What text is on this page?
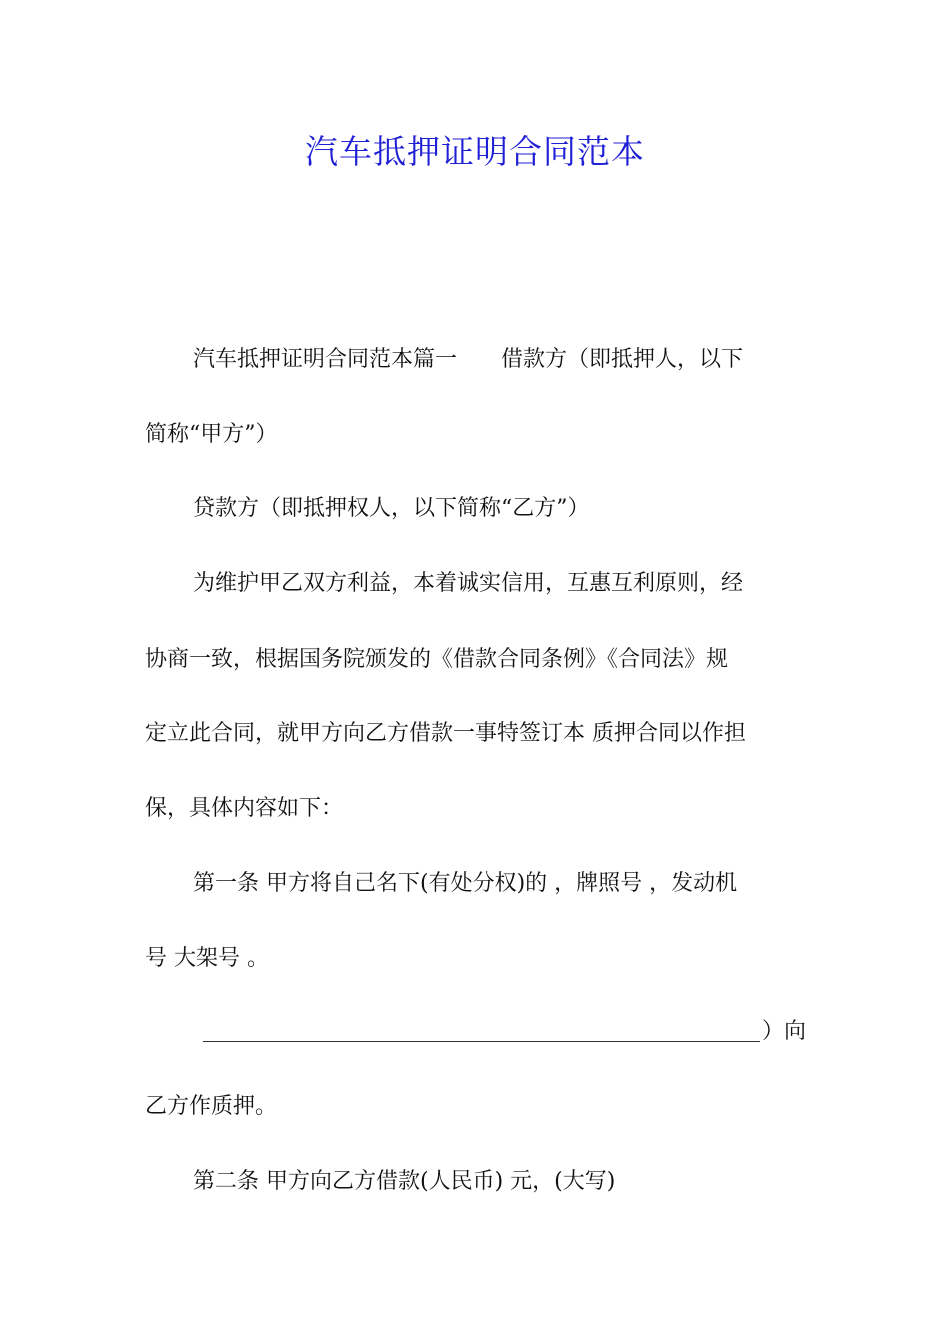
汽车抵押证明合同范本
汽车抵押证明合同范本篇一 借款方（即抵押人，以下
简称“甲方”）
贷款方（即抵押权人，以下简称“乙方”）
为维护甲乙双方利益，本着诚实信用，互惠互利原则，经
协商一致，根据国务院颁发的《借款合同条例》《合同法》规
定立此合同，就甲方向乙方借款一事特签订本 质押合同以作担
保，具体内容如下：
第一条 甲方将自己名下(有处分权)的 ，牌照号 ，发动机
号 大架号 。
）向
乙方作质押。
第二条 甲方向乙方借款(人民币) 元，(大写)
